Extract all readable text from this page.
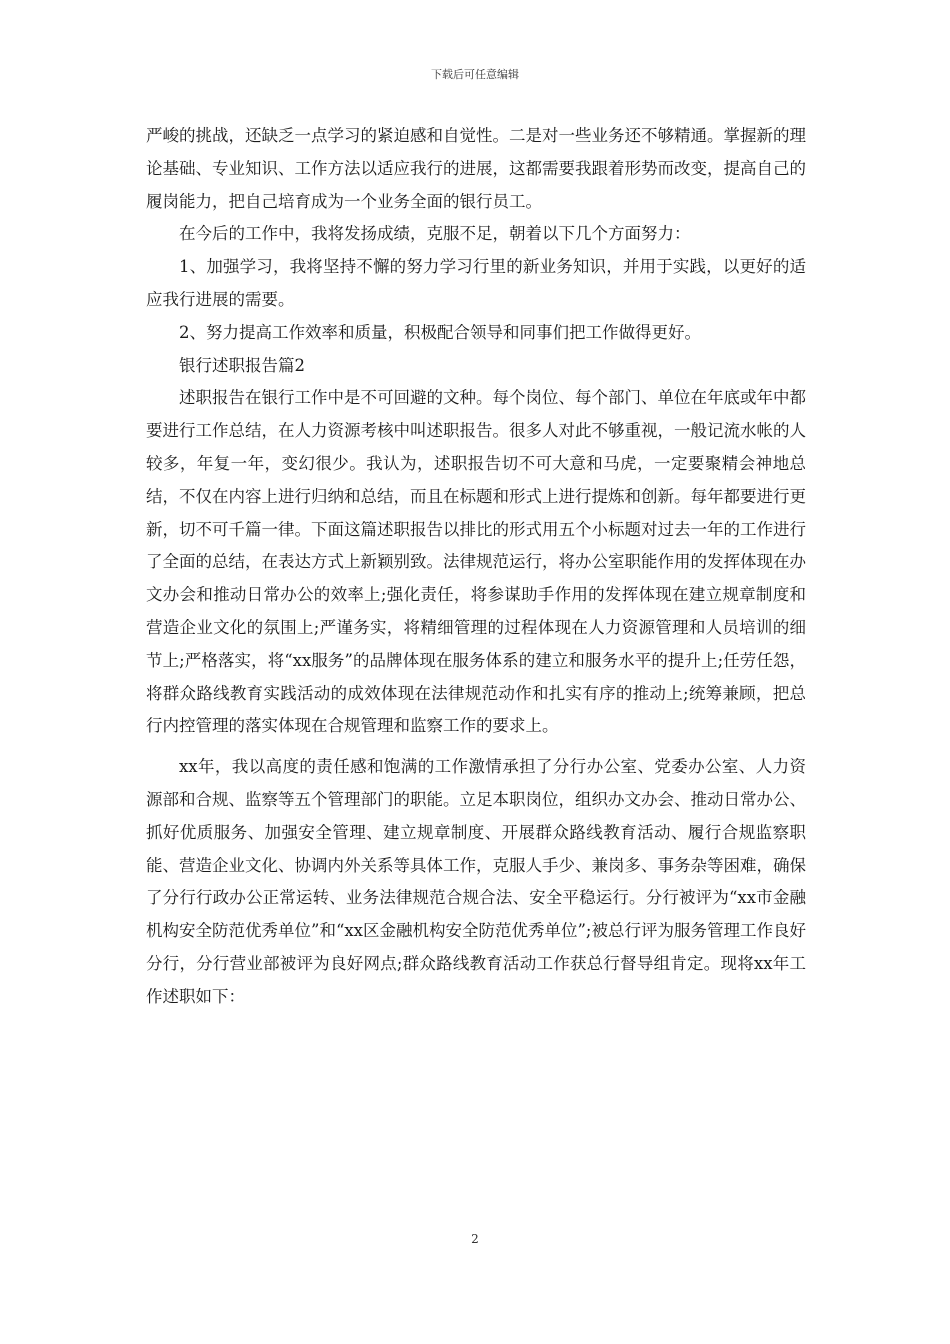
下载后可任意编辑

严峻的挑战，还缺乏一点学习的紧迫感和自觉性。二是对一些业务还不够精通。掌握新的理论基础、专业知识、工作方法以适应我行的进展，这都需要我跟着形势而改变，提高自己的履岗能力，把自己培育成为一个业务全面的银行员工。

在今后的工作中，我将发扬成绩，克服不足，朝着以下几个方面努力：

1、加强学习，我将坚持不懈的努力学习行里的新业务知识，并用于实践，以更好的适应我行进展的需要。

2、努力提高工作效率和质量，积极配合领导和同事们把工作做得更好。

银行述职报告篇2

述职报告在银行工作中是不可回避的文种。每个岗位、每个部门、单位在年底或年中都要进行工作总结，在人力资源考核中叫述职报告。很多人对此不够重视，一般记流水帐的人较多，年复一年，变幻很少。我认为，述职报告切不可大意和马虎，一定要聚精会神地总结，不仅在内容上进行归纳和总结，而且在标题和形式上进行提炼和创新。每年都要进行更新，切不可千篇一律。下面这篇述职报告以排比的形式用五个小标题对过去一年的工作进行了全面的总结，在表达方式上新颖别致。法律规范运行，将办公室职能作用的发挥体现在办文办会和推动日常办公的效率上;强化责任，将参谋助手作用的发挥体现在建立规章制度和营造企业文化的氛围上;严谨务实，将精细管理的过程体现在人力资源管理和人员培训的细节上;严格落实，将“xx服务”的品牌体现在服务体系的建立和服务水平的提升上;任劳任怨，将群众路线教育实践活动的成效体现在法律规范动作和扎实有序的推动上;统筹兼顾，把总行内控管理的落实体现在合规管理和监察工作的要求上。

xx年，我以高度的责任感和饱满的工作激情承担了分行办公室、党委办公室、人力资源部和合规、监察等五个管理部门的职能。立足本职岗位，组织办文办会、推动日常办公、抓好优质服务、加强安全管理、建立规章制度、开展群众路线教育活动、履行合规监察职能、营造企业文化、协调内外关系等具体工作，克服人手少、兼岗多、事务杂等困难，确保了分行行政办公正常运转、业务法律规范合规合法、安全平稳运行。分行被评为“xx市金融机构安全防范优秀单位”和“xx区金融机构安全防范优秀单位”;被总行评为服务管理工作良好分行，分行营业部被评为良好网点;群众路线教育活动工作获总行督导组肯定。现将xx年工作述职如下：

2
